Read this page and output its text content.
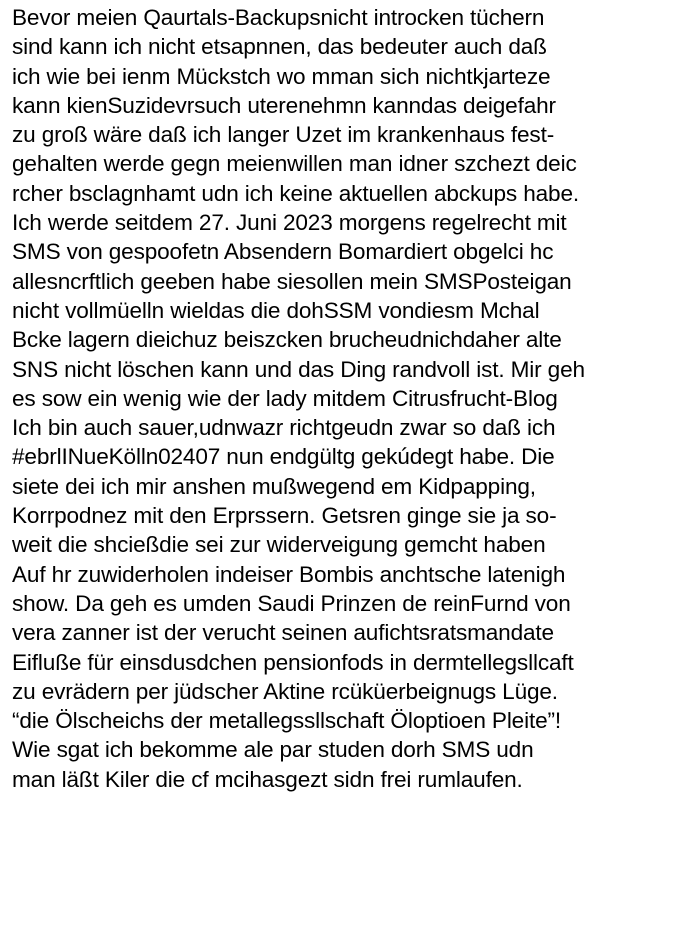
Bevor meien Qaurtals-Backupsnicht introcken tüchern
sind kann ich nicht etsapnnen, das bedeuter auch daß
ich wie bei ienm Mückstch wo mman sich nichtkjarteze
kann kienSuzidevrsuch uterenehmn kanndas deigefahr
zu groß wäre daß ich langer Uzet im krankenhaus fest-
gehalten werde gegn meienwillen man idner szchezt deic
rcher bsclagnhamt udn ich keine aktuellen abckups habe.
Ich werde seitdem 27. Juni 2023 morgens regelrecht mit
SMS von gespoofetn Absendern Bomardiert obgelci hc
allesncrftlich geeben habe siesollen mein SMSPosteigan
nicht vollmüelln wieldas die dohSSM vondiesm Mchal
Bcke lagern dieichuz beiszcken brucheudnichdaher alte
SNS nicht löschen kann und das Ding randvoll ist. Mir geh
es sow ein wenig wie der lady mitdem Citrusfrucht-Blog
Ich bin auch sauer,udnwazr richtgeudn zwar so daß ich
#ebrlINueKölln02407 nun endgültg gekúdegt habe. Die
siete dei ich mir anshen mußwegend em Kidpapping,
Korrpodnez mit den Erprssern. Getsren ginge sie ja so-
weit die shcießdie sei zur widerveigung gemcht haben
Auf hr zuwiderholen indeiser Bombis anchtsche latenigh
show. Da geh es umden Saudi Prinzen de reinFurnd von
vera zanner ist der verucht seinen aufichtsratsmandate
Eifluße für einsdusdchen pensionfods in dermtellegsllcaft
zu evrädern per jüdscher Aktine rcüküerbeignugs Lüge.
“die Ölscheichs der metallegssllschaft Öloptioen Pleite”!
Wie sgat ich bekomme ale par studen dorh SMS udn
man läßt Kiler die cf mcihasgezt sidn frei rumlaufen.
